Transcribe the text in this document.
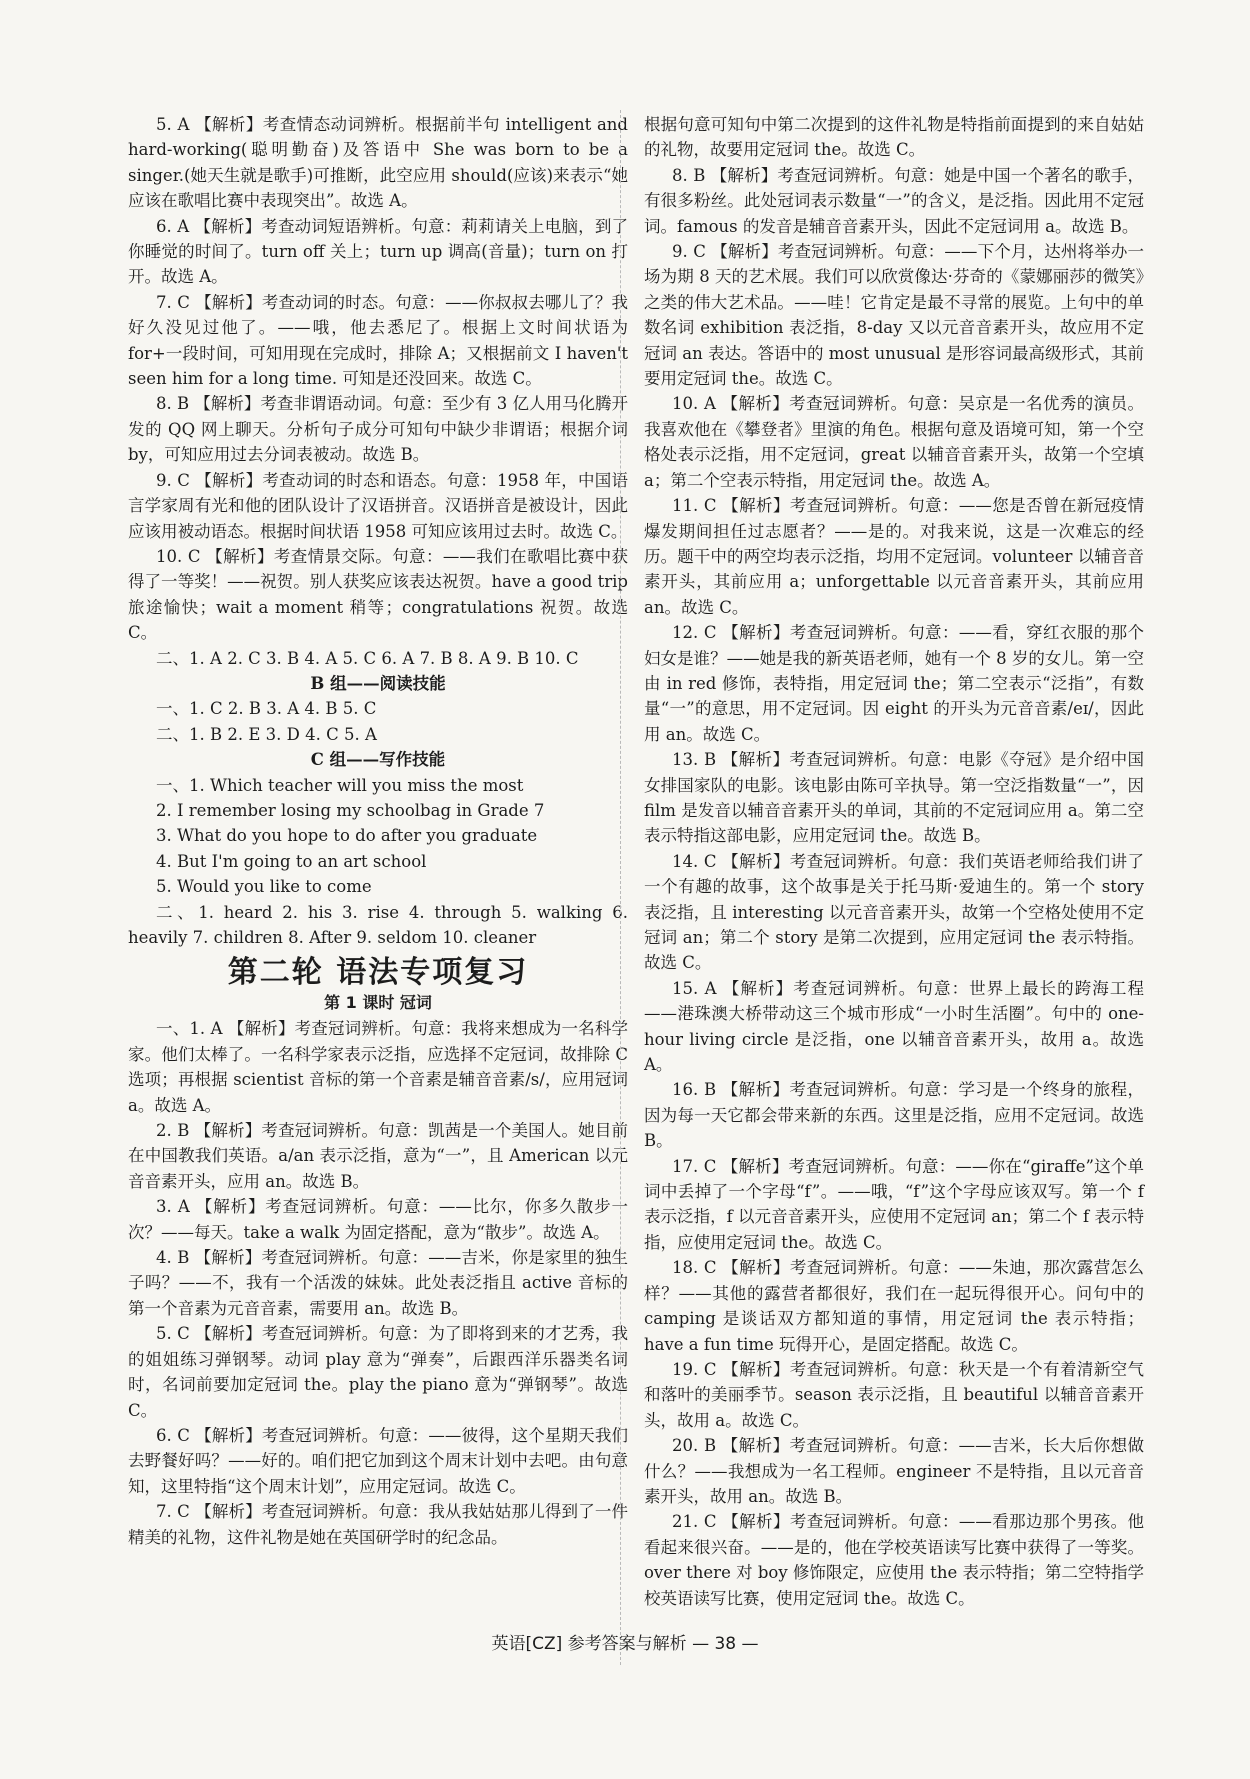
5. A 【解析】考查情态动词辨析。根据前半句 intelligent and hard-working(聪明勤奋)及答语中 She was born to be a singer.(她天生就是歌手)可推断，此空应用 should(应该)来表示“她应该在歌唱比赛中表现突出”。故选 A。

6. A 【解析】考查动词短语辨析。句意：莉莉请关上电脑，到了你睡觉的时间了。turn off 关上；turn up 调高(音量)；turn on 打开。故选 A。

7. C 【解析】考查动词的时态。句意：——你叔叔去哪儿了？我好久没见过他了。——哦，他去悉尼了。根据上文时间状语为 for+一段时间，可知用现在完成时，排除 A；又根据前文 I haven't seen him for a long time. 可知是还没回来。故选 C。

8. B 【解析】考查非谓语动词。句意：至少有 3 亿人用马化腾开发的 QQ 网上聊天。分析句子成分可知句中缺少非谓语；根据介词 by，可知应用过去分词表被动。故选 B。

9. C 【解析】考查动词的时态和语态。句意：1958 年，中国语言学家周有光和他的团队设计了汉语拼音。汉语拼音是被设计，因此应该用被动语态。根据时间状语 1958 可知应该用过去时。故选 C。

10. C 【解析】考查情景交际。句意：——我们在歌唱比赛中获得了一等奖！——祝贺。别人获奖应该表达祝贺。have a good trip 旅途愉快；wait a moment 稍等；congratulations 祝贺。故选 C。

二、1. A 2. C 3. B 4. A 5. C 6. A 7. B 8. A 9. B 10. C

B 组——阅读技能

一、1. C 2. B 3. A 4. B 5. C

二、1. B 2. E 3. D 4. C 5. A

C 组——写作技能

一、1. Which teacher will you miss the most

2. I remember losing my schoolbag in Grade 7

3. What do you hope to do after you graduate

4. But I'm going to an art school

5. Would you like to come

二、1. heard 2. his 3. rise 4. through 5. walking 6. heavily 7. children 8. After 9. seldom 10. cleaner

第二轮 语法专项复习
第 1 课时 冠词

一、1. A 【解析】考查冠词辨析。句意：我将来想成为一名科学家。他们太棒了。一名科学家表示泛指，应选择不定冠词，故排除 C 选项；再根据 scientist 音标的第一个音素是辅音音素/s/，应用冠词 a。故选 A。

2. B 【解析】考查冠词辨析。句意：凯茜是一个美国人。她目前在中国教我们英语。a/an 表示泛指，意为“一”，且 American 以元音音素开头，应用 an。故选 B。

3. A 【解析】考查冠词辨析。句意：——比尔，你多久散步一次？——每天。take a walk 为固定搭配，意为“散步”。故选 A。

4. B 【解析】考查冠词辨析。句意：——吉米，你是家里的独生子吗？——不，我有一个活泼的妹妹。此处表泛指且 active 音标的第一个音素为元音音素，需要用 an。故选 B。

5. C 【解析】考查冠词辨析。句意：为了即将到来的才艺秀，我的姐姐练习弹钢琴。动词 play 意为“弹奏”，后跟西洋乐器类名词时，名词前要加定冠词 the。play the piano 意为“弹钢琴”。故选 C。

6. C 【解析】考查冠词辨析。句意：——彼得，这个星期天我们去野餐好吗？——好的。咱们把它加到这个周末计划中去吧。由句意知，这里特指“这个周末计划”，应用定冠词。故选 C。

7. C 【解析】考查冠词辨析。句意：我从我姑姑那儿得到了一件精美的礼物，这件礼物是她在英国研学时的纪念品。

根据句意可知句中第二次提到的这件礼物是特指前面提到的来自姑姑的礼物，故要用定冠词 the。故选 C。

8. B 【解析】考查冠词辨析。句意：她是中国一个著名的歌手，有很多粉丝。此处冠词表示数量“一”的含义，是泛指。因此用不定冠词。famous 的发音是辅音音素开头，因此不定冠词用 a。故选 B。

9. C 【解析】考查冠词辨析。句意：——下个月，达州将举办一场为期 8 天的艺术展。我们可以欣赏像达·芬奇的《蒙娜丽莎的微笑》之类的伟大艺术品。——哇！它肯定是最不寻常的展览。上句中的单数名词 exhibition 表泛指，8-day 又以元音音素开头，故应用不定冠词 an 表达。答语中的 most unusual 是形容词最高级形式，其前要用定冠词 the。故选 C。

10. A 【解析】考查冠词辨析。句意：吴京是一名优秀的演员。我喜欢他在《攀登者》里演的角色。根据句意及语境可知，第一个空格处表示泛指，用不定冠词，great 以辅音音素开头，故第一个空填 a；第二个空表示特指，用定冠词 the。故选 A。

11. C 【解析】考查冠词辨析。句意：——您是否曾在新冠疫情爆发期间担任过志愿者？——是的。对我来说，这是一次难忘的经历。题干中的两空均表示泛指，均用不定冠词。volunteer 以辅音音素开头，其前应用 a；unforgettable 以元音音素开头，其前应用 an。故选 C。

12. C 【解析】考查冠词辨析。句意：——看，穿红衣服的那个妇女是谁？——她是我的新英语老师，她有一个 8 岁的女儿。第一空由 in red 修饰，表特指，用定冠词 the；第二空表示“泛指”，有数量“一”的意思，用不定冠词。因 eight 的开头为元音音素/eɪ/，因此用 an。故选 C。

13. B 【解析】考查冠词辨析。句意：电影《夺冠》是介绍中国女排国家队的电影。该电影由陈可辛执导。第一空泛指数量“一”，因 film 是发音以辅音音素开头的单词，其前的不定冠词应用 a。第二空表示特指这部电影，应用定冠词 the。故选 B。

14. C 【解析】考查冠词辨析。句意：我们英语老师给我们讲了一个有趣的故事，这个故事是关于托马斯·爱迪生的。第一个 story 表泛指，且 interesting 以元音音素开头，故第一个空格处使用不定冠词 an；第二个 story 是第二次提到，应用定冠词 the 表示特指。故选 C。

15. A 【解析】考查冠词辨析。句意：世界上最长的跨海工程——港珠澳大桥带动这三个城市形成“一小时生活圈”。句中的 one-hour living circle 是泛指，one 以辅音音素开头，故用 a。故选 A。

16. B 【解析】考查冠词辨析。句意：学习是一个终身的旅程，因为每一天它都会带来新的东西。这里是泛指，应用不定冠词。故选 B。

17. C 【解析】考查冠词辨析。句意：——你在“giraffe”这个单词中丢掉了一个字母“f”。——哦，“f”这个字母应该双写。第一个 f 表示泛指，f 以元音音素开头，应使用不定冠词 an；第二个 f 表示特指，应使用定冠词 the。故选 C。

18. C 【解析】考查冠词辨析。句意：——朱迪，那次露营怎么样？——其他的露营者都很好，我们在一起玩得很开心。问句中的 camping 是谈话双方都知道的事情，用定冠词 the 表示特指；have a fun time 玩得开心，是固定搭配。故选 C。

19. C 【解析】考查冠词辨析。句意：秋天是一个有着清新空气和落叶的美丽季节。season 表示泛指，且 beautiful 以辅音音素开头，故用 a。故选 C。

20. B 【解析】考查冠词辨析。句意：——吉米，长大后你想做什么？——我想成为一名工程师。engineer 不是特指，且以元音音素开头，故用 an。故选 B。

21. C 【解析】考查冠词辨析。句意：——看那边那个男孩。他看起来很兴奋。——是的，他在学校英语读写比赛中获得了一等奖。over there 对 boy 修饰限定，应使用 the 表示特指；第二空特指学校英语读写比赛，使用定冠词 the。故选 C。

英语[CZ] 参考答案与解析 — 38 —
